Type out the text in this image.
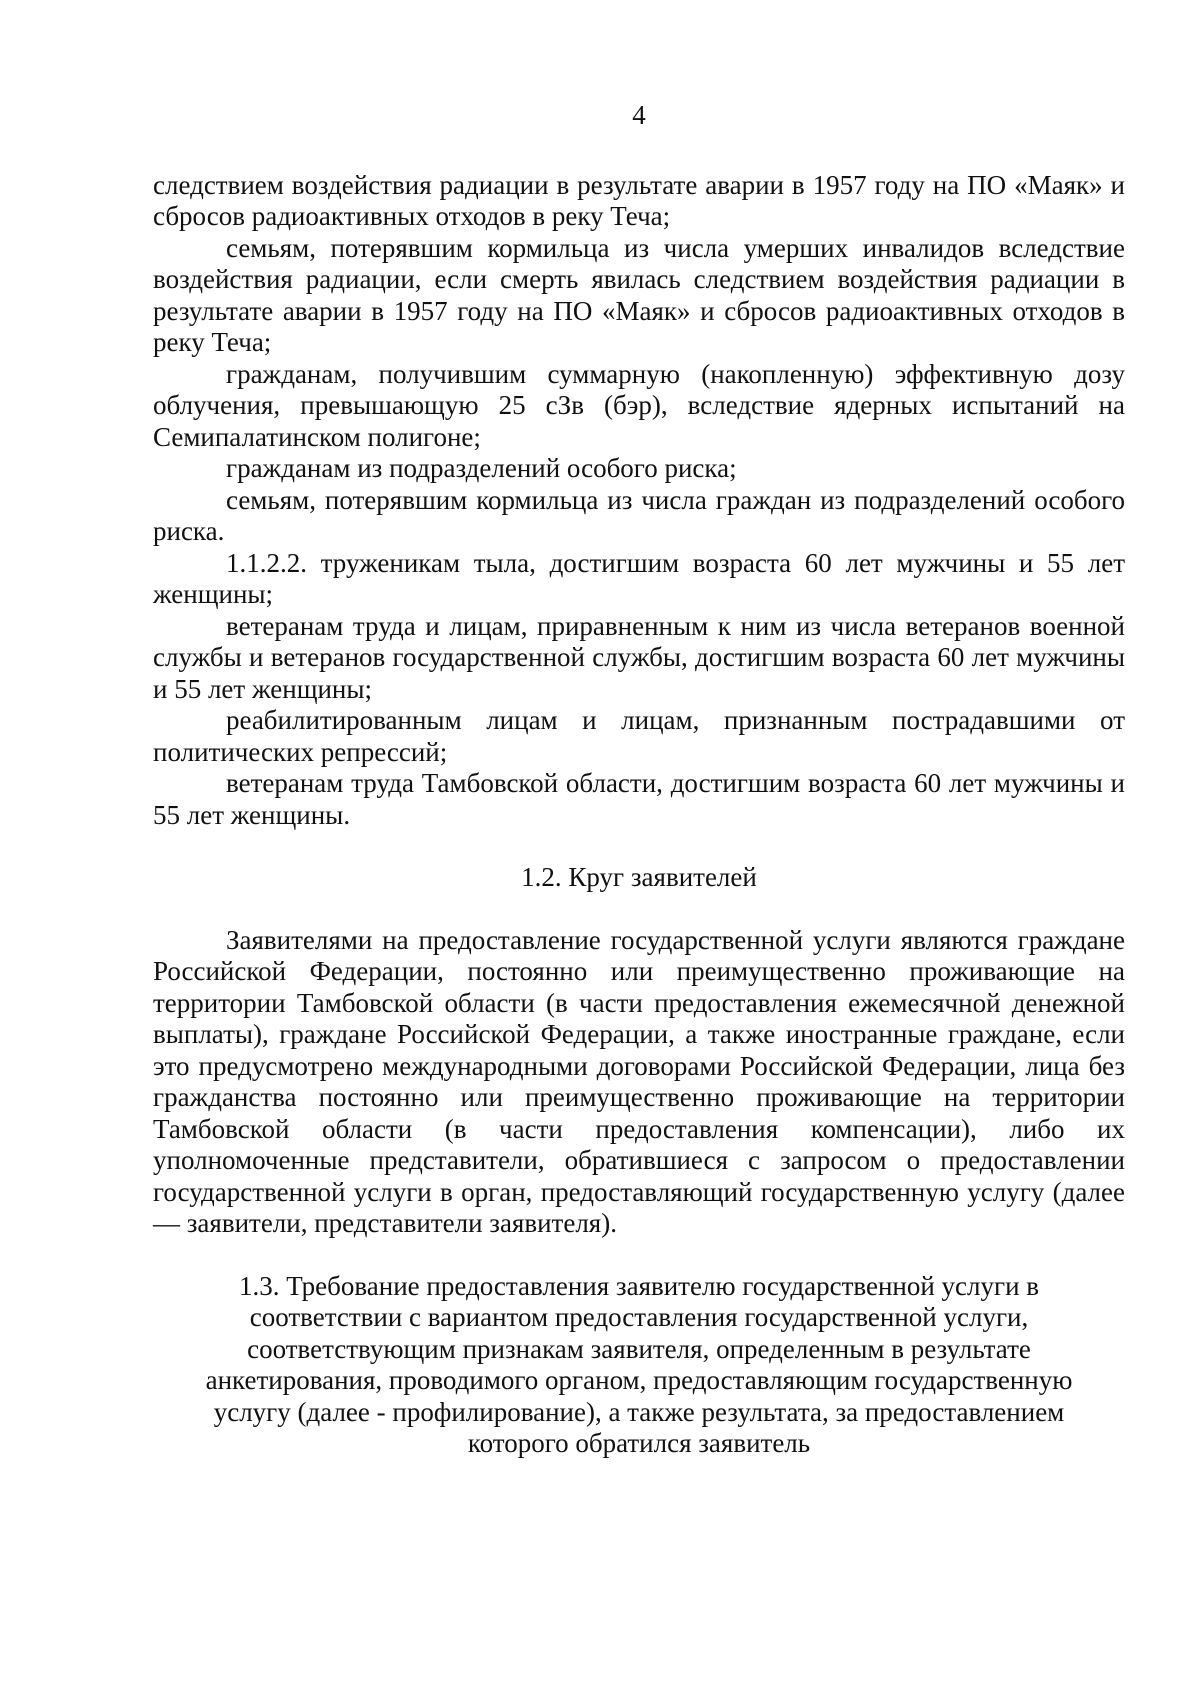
4

следствием воздействия радиации в результате аварии в 1957 году на ПО «Маяк» и сбросов радиоактивных отходов в реку Теча;

семьям, потерявшим кормильца из числа умерших инвалидов вследствие воздействия радиации, если смерть явилась следствием воздействия радиации в результате аварии в 1957 году на ПО «Маяк» и сбросов радиоактивных отходов в реку Теча;

гражданам, получившим суммарную (накопленную) эффективную дозу облучения, превышающую 25 сЗв (бэр), вследствие ядерных испытаний на Семипалатинском полигоне;

гражданам из подразделений особого риска;

семьям, потерявшим кормильца из числа граждан из подразделений особого риска.

1.1.2.2. труженикам тыла, достигшим возраста 60 лет мужчины и 55 лет женщины;

ветеранам труда и лицам, приравненным к ним из числа ветеранов военной службы и ветеранов государственной службы, достигшим возраста 60 лет мужчины и 55 лет женщины;

реабилитированным лицам и лицам, признанным пострадавшими от политических репрессий;

ветеранам труда Тамбовской области, достигшим возраста 60 лет мужчины и 55 лет женщины.

1.2. Круг заявителей

Заявителями на предоставление государственной услуги являются граждане Российской Федерации, постоянно или преимущественно проживающие на территории Тамбовской области (в части предоставления ежемесячной денежной выплаты), граждане Российской Федерации, а также иностранные граждане, если это предусмотрено международными договорами Российской Федерации, лица без гражданства постоянно или преимущественно проживающие на территории Тамбовской области (в части предоставления компенсации), либо их уполномоченные представители, обратившиеся с запросом о предоставлении государственной услуги в орган, предоставляющий государственную услугу (далее — заявители, представители заявителя).

1.3. Требование предоставления заявителю государственной услуги в соответствии с вариантом предоставления государственной услуги, соответствующим признакам заявителя, определенным в результате анкетирования, проводимого органом, предоставляющим государственную услугу (далее - профилирование), а также результата, за предоставлением которого обратился заявитель
